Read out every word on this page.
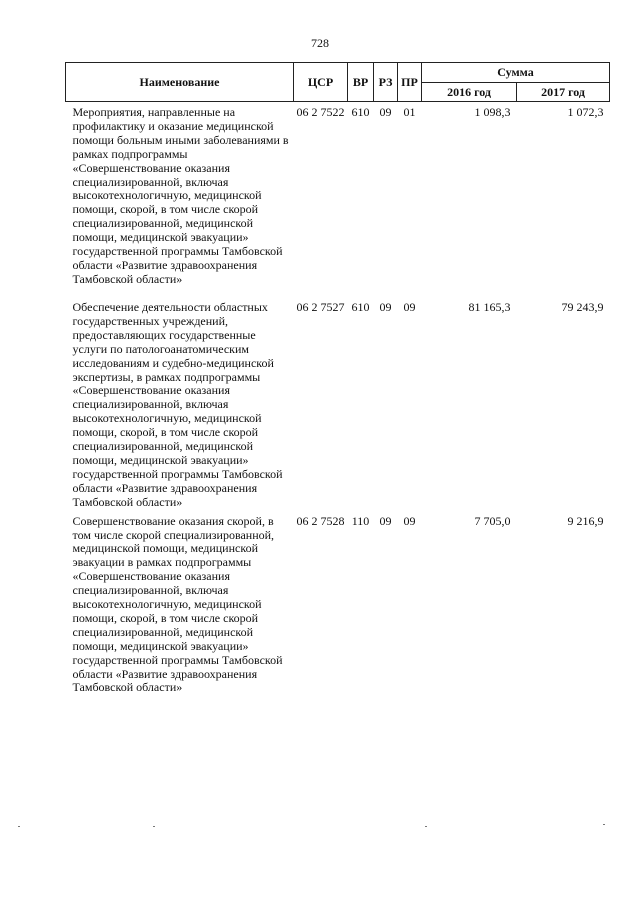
728
Наименование	ЦСР	ВР	РЗ	ПР	Сумма	
					2016 год	2017 год
Мероприятия, направленные на профилактику и оказание медицинской помощи больным иными заболеваниями в рамках подпрограммы «Совершенствование оказания специализированной, включая высокотехнологичную, медицинской помощи, скорой, в том числе скорой специализированной, медицинской помощи, медицинской эвакуации» государственной программы Тамбовской области «Развитие здравоохранения Тамбовской области»	06 2 7522	610	09	01	1 098,3	1 072,3
Обеспечение деятельности областных государственных учреждений, предоставляющих государственные услуги по патологоанатомическим исследованиям и судебно-медицинской экспертизы, в рамках подпрограммы «Совершенствование оказания специализированной, включая высокотехнологичную, медицинской помощи, скорой, в том числе скорой специализированной, медицинской помощи, медицинской эвакуации» государственной программы Тамбовской области «Развитие здравоохранения Тамбовской области»	06 2 7527	610	09	09	81 165,3	79 243,9
Совершенствование оказания скорой, в том числе скорой специализированной, медицинской помощи, медицинской эвакуации в рамках подпрограммы «Совершенствование оказания специализированной, включая высокотехнологичную, медицинской помощи, скорой, в том числе скорой специализированной, медицинской помощи, медицинской эвакуации» государственной программы Тамбовской области «Развитие здравоохранения Тамбовской области»	06 2 7528	110	09	09	7 705,0	9 216,9
